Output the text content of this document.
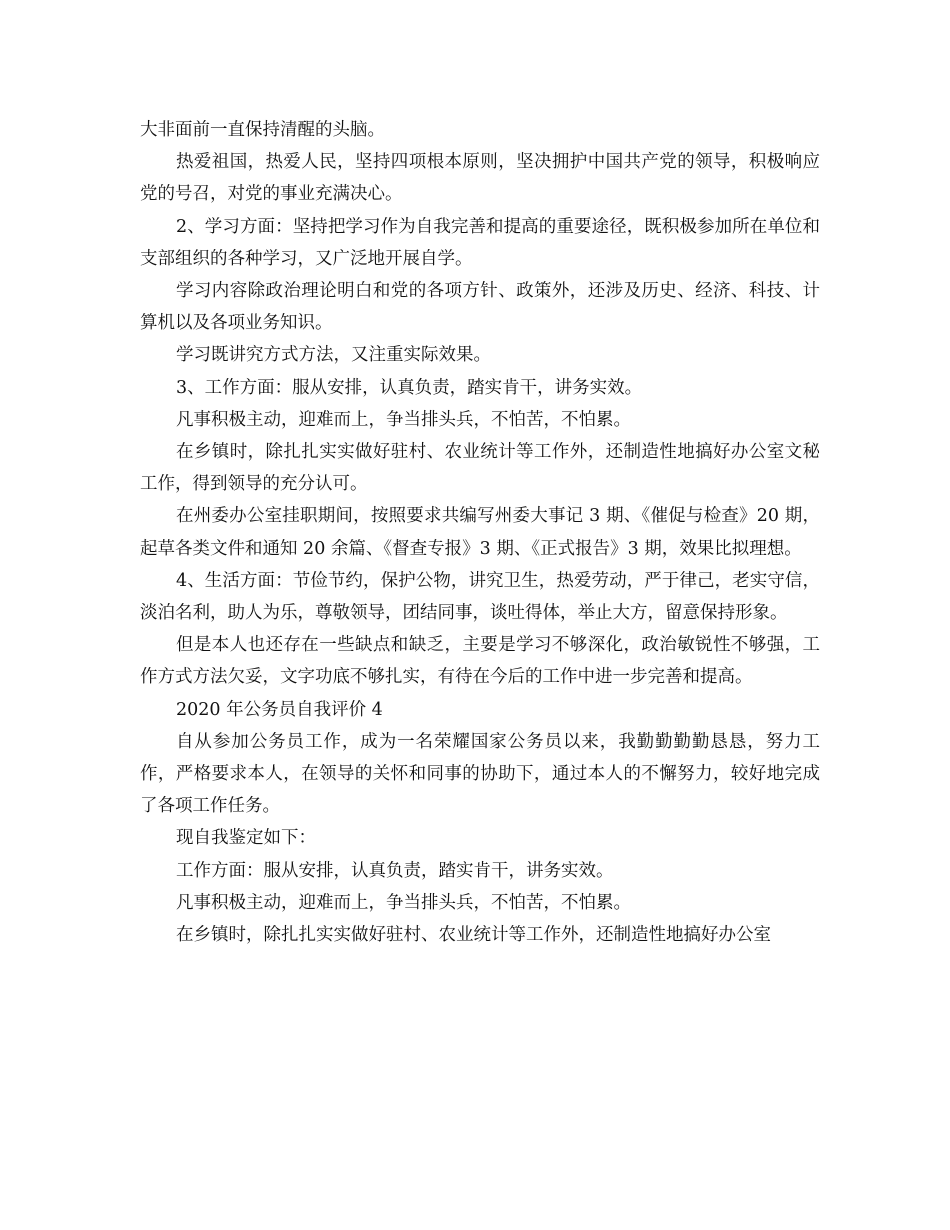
大非面前一直保持清醒的头脑。

热爱祖国，热爱人民，坚持四项根本原则，坚决拥护中国共产党的领导，积极响应党的号召，对党的事业充满决心。

2、学习方面：坚持把学习作为自我完善和提高的重要途径，既积极参加所在单位和支部组织的各种学习，又广泛地开展自学。

学习内容除政治理论明白和党的各项方针、政策外，还涉及历史、经济、科技、计算机以及各项业务知识。

学习既讲究方式方法，又注重实际效果。

3、工作方面：服从安排，认真负责，踏实肯干，讲务实效。

凡事积极主动，迎难而上，争当排头兵，不怕苦，不怕累。

在乡镇时，除扎扎实实做好驻村、农业统计等工作外，还制造性地搞好办公室文秘工作，得到领导的充分认可。

在州委办公室挂职期间，按照要求共编写州委大事记 3 期、《催促与检查》20 期，起草各类文件和通知 20 余篇、《督查专报》3 期、《正式报告》3 期，效果比拟理想。

4、生活方面：节俭节约，保护公物，讲究卫生，热爱劳动，严于律己，老实守信，淡泊名利，助人为乐，尊敬领导，团结同事，谈吐得体，举止大方，留意保持形象。

但是本人也还存在一些缺点和缺乏，主要是学习不够深化，政治敏锐性不够强，工作方式方法欠妥，文字功底不够扎实，有待在今后的工作中进一步完善和提高。

2020 年公务员自我评价 4

自从参加公务员工作，成为一名荣耀国家公务员以来，我勤勤勤勤恳恳，努力工作，严格要求本人，在领导的关怀和同事的协助下，通过本人的不懈努力，较好地完成了各项工作任务。

现自我鉴定如下：

工作方面：服从安排，认真负责，踏实肯干，讲务实效。

凡事积极主动，迎难而上，争当排头兵，不怕苦，不怕累。

在乡镇时，除扎扎实实做好驻村、农业统计等工作外，还制造性地搞好办公室
